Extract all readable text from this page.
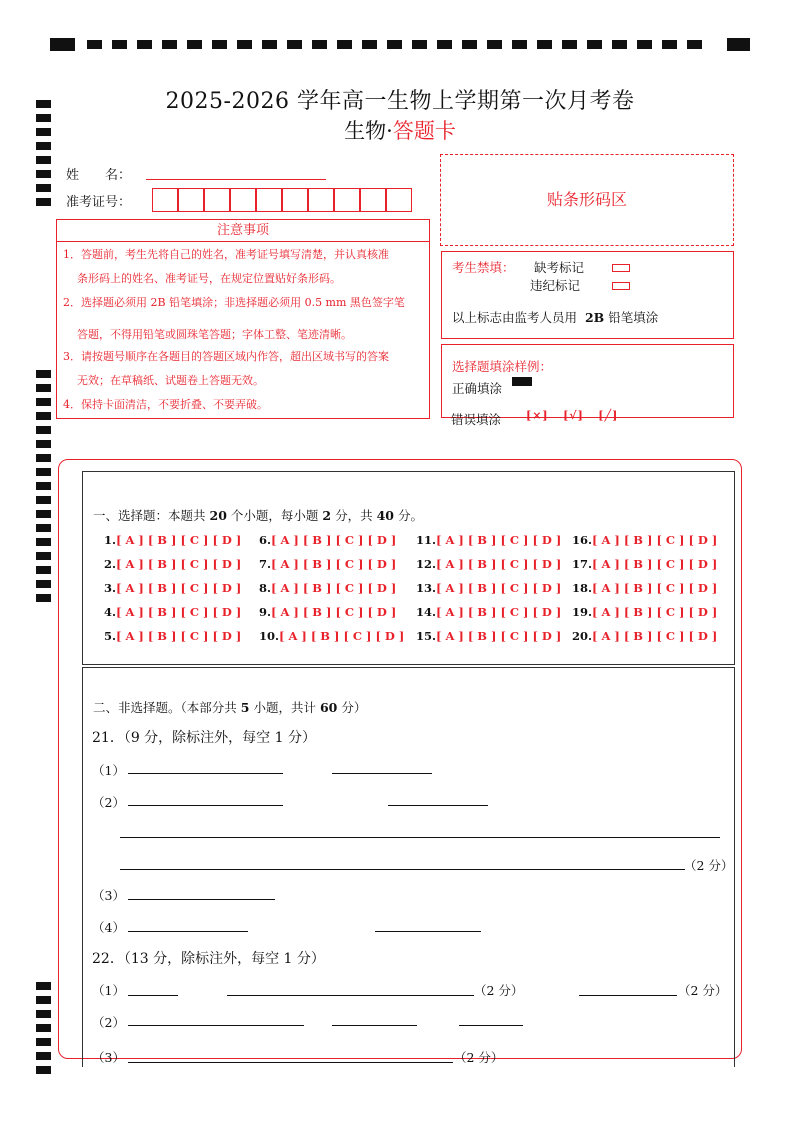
2025-2026 学年高一生物上学期第一次月考卷
生物·答题卡
姓　　名：
准考证号：	贴条形码区
注意事项
1．答题前，考生先将自己的姓名，准考证号填写清楚，并认真核准
条形码上的姓名、准考证号，在规定位置贴好条形码。
2．选择题必须用 2B 铅笔填涂；非选择题必须用 0.5 mm 黑色签字笔
答题，不得用铅笔或圆珠笔答题；字体工整、笔迹清晰。
3．请按题号顺序在各题目的答题区域内作答，超出区域书写的答案
无效；在草稿纸、试题卷上答题无效。
4．保持卡面清洁，不要折叠、不要弄破。
考生禁填： 缺考标记
违纪标记
以上标志由监考人员用 2B 铅笔填涂
选择题填涂样例：
正确填涂
错误填涂 [×] [√] [╱]
一、选择题：本题共 20 个小题，每小题 2 分，共 40 分。
1.[ A ] [ B ] [ C ] [ D ] 6.[ A ] [ B ] [ C ] [ D ] 11.[ A ] [ B ] [ C ] [ D ] 16.[ A ] [ B ] [ C ] [ D ]
2.[ A ] [ B ] [ C ] [ D ] 7.[ A ] [ B ] [ C ] [ D ] 12.[ A ] [ B ] [ C ] [ D ] 17.[ A ] [ B ] [ C ] [ D ]
3.[ A ] [ B ] [ C ] [ D ] 8.[ A ] [ B ] [ C ] [ D ] 13.[ A ] [ B ] [ C ] [ D ] 18.[ A ] [ B ] [ C ] [ D ]
4.[ A ] [ B ] [ C ] [ D ] 9.[ A ] [ B ] [ C ] [ D ] 14.[ A ] [ B ] [ C ] [ D ] 19.[ A ] [ B ] [ C ] [ D ]
5.[ A ] [ B ] [ C ] [ D ] 10.[ A ] [ B ] [ C ] [ D ] 15.[ A ] [ B ] [ C ] [ D ] 20.[ A ] [ B ] [ C ] [ D ]
二、非选择题。（本部分共 5 小题，共计 60 分）
21．（9 分，除标注外，每空 1 分）
（1）
（2）
（2 分）
（3）
（4）
22．（13 分，除标注外，每空 1 分）
（1）	（2 分）	（2 分）
（2）
（3）	（2 分）
